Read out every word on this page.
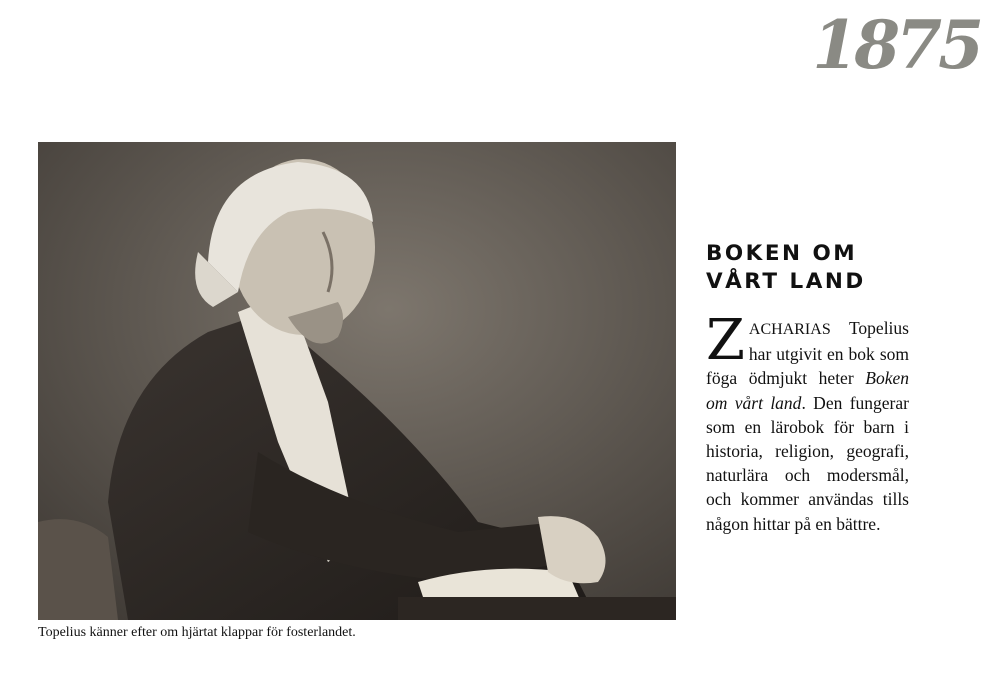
1875
Topelius känner efter om hjärtat klappar för fosterlandet.
BOKEN OM
VÅRT LAND
ZACHARIAS Topelius har utgivit en bok som föga ödmjukt heter Boken om vårt land. Den fungerar som en lärobok för barn i historia, religion, geografi, naturlära och modersmål, och kommer användas tills någon hittar på en bättre.
